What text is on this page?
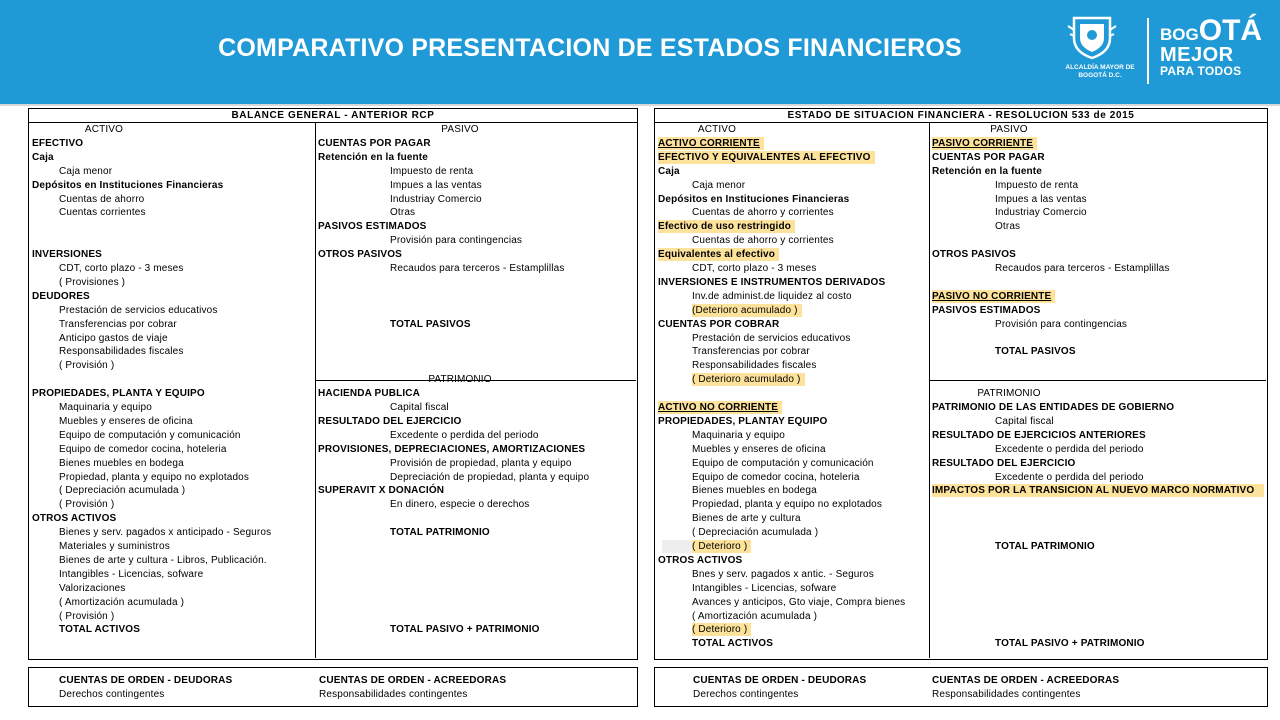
COMPARATIVO PRESENTACION DE ESTADOS FINANCIEROS
ALCALDÍA MAYOR DE BOGOTÁ D.C.
BOGOTÁ
MEJOR
PARA TODOS
BALANCE GENERAL - ANTERIOR RCP
ACTIVO
EFECTIVO
Caja
Caja menor
Depósitos en Instituciones Financieras
Cuentas de ahorro
Cuentas corrientes
INVERSIONES
CDT, corto plazo - 3 meses
( Provisiones )
DEUDORES
Prestación de servicios educativos
Transferencias por cobrar
Anticipo gastos de viaje
Responsabilidades fiscales
( Provisión )
PROPIEDADES, PLANTA Y EQUIPO
Maquinaria y equipo
Muebles y enseres de oficina
Equipo de computación y comunicación
Equipo de comedor cocina, hoteleria
Bienes muebles en bodega
Propiedad, planta y equipo no explotados
( Depreciación acumulada )
( Provisión )
OTROS ACTIVOS
Bienes y serv. pagados x anticipado - Seguros
Materiales y suministros
Bienes de arte y cultura - Libros, Publicación.
Intangibles - Licencias, sofware
Valorizaciones
( Amortización acumulada )
( Provisión )
TOTAL ACTIVOS
PASIVO
CUENTAS POR PAGAR
Retención en la fuente
Impuesto de renta
Impues a las ventas
Industriay Comercio
Otras
PASIVOS ESTIMADOS
Provisión para contingencias
OTROS PASIVOS
Recaudos para terceros - Estamplillas
TOTAL PASIVOS
PATRIMONIO
HACIENDA PUBLICA
Capital fiscal
RESULTADO DEL EJERCICIO
Excedente o perdida del periodo
PROVISIONES, DEPRECIACIONES, AMORTIZACIONES
Provisión de propiedad, planta y equipo
Depreciación de propiedad, planta y equipo
SUPERAVIT X DONACIÓN
En dinero, especie o derechos
TOTAL PATRIMONIO
TOTAL PASIVO + PATRIMONIO
CUENTAS DE ORDEN - DEUDORAS
Derechos contingentes
CUENTAS DE ORDEN - ACREEDORAS
Responsabilidades contingentes
ESTADO DE SITUACION FINANCIERA - RESOLUCION 533 de 2015
ACTIVO
ACTIVO CORRIENTE
EFECTIVO Y EQUIVALENTES AL EFECTIVO
Caja
Caja menor
Depósitos en Instituciones Financieras
Cuentas de ahorro y corrientes
Efectivo de uso restringido
Cuentas de ahorro y corrientes
Equivalentes al efectivo
CDT, corto plazo - 3 meses
INVERSIONES E INSTRUMENTOS DERIVADOS
Inv.de administ.de liquidez al costo
(Deterioro acumulado )
CUENTAS POR COBRAR
Prestación de servicios educativos
Transferencias por cobrar
Responsabilidades fiscales
( Deterioro acumulado )
ACTIVO NO CORRIENTE
PROPIEDADES, PLANTAY EQUIPO
Maquinaria y equipo
Muebles y enseres de oficina
Equipo de computación y comunicación
Equipo de comedor cocina, hoteleria
Bienes muebles en bodega
Propiedad, planta y equipo no explotados
Bienes de arte y cultura
( Depreciación acumulada )
( Deterioro )
OTROS ACTIVOS
Bnes y serv. pagados x antic. - Seguros
Intangibles - Licencias, sofware
Avances y anticipos, Gto viaje, Compra bienes
( Amortización acumulada )
( Deterioro )
TOTAL ACTIVOS
PASIVO
PASIVO CORRIENTE
CUENTAS POR PAGAR
Retención en la fuente
Impuesto de renta
Impues a las ventas
Industriay Comercio
Otras
OTROS PASIVOS
Recaudos para terceros - Estamplillas
PASIVO NO CORRIENTE
PASIVOS ESTIMADOS
Provisión para contingencias
TOTAL PASIVOS
PATRIMONIO
PATRIMONIO DE LAS ENTIDADES DE GOBIERNO
Capital fiscal
RESULTADO DE EJERCICIOS ANTERIORES
Excedente o perdida del periodo
RESULTADO DEL EJERCICIO
Excedente o perdida del periodo
IMPACTOS POR LA TRANSICION AL NUEVO MARCO NORMATIVO
TOTAL PATRIMONIO
TOTAL PASIVO + PATRIMONIO
CUENTAS DE ORDEN - DEUDORAS
Derechos contingentes
CUENTAS DE ORDEN - ACREEDORAS
Responsabilidades contingentes
